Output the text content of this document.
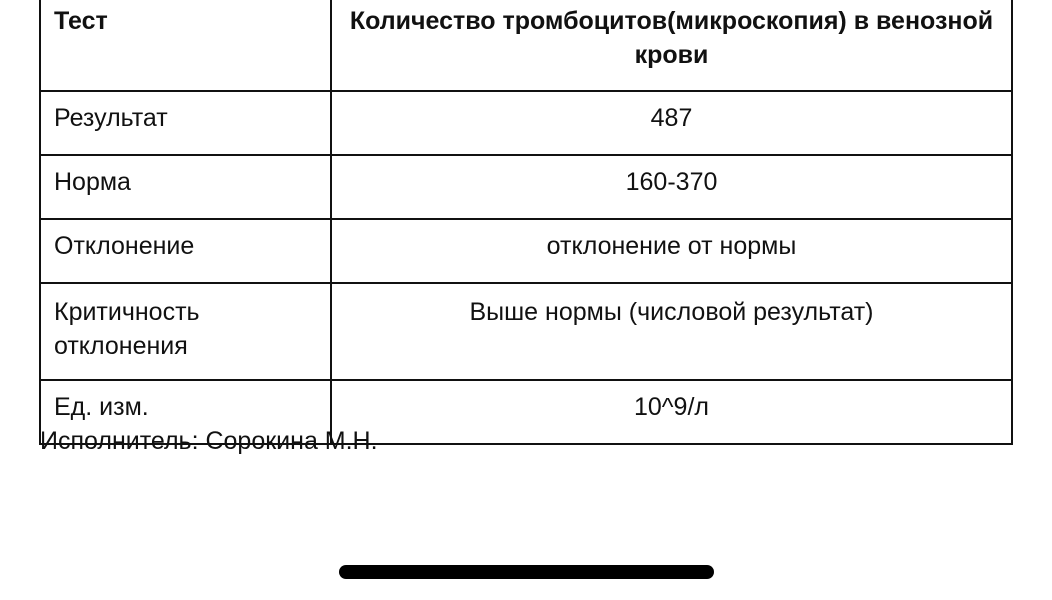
Тест	Количество тромбоцитов(микроскопия) в венозной крови
Результат	487
Норма	160-370
Отклонение	отклонение от нормы
Критичность отклонения	Выше нормы (числовой результат)
Ед. изм.	10^9/л
Исполнитель: Сорокина М.Н.
